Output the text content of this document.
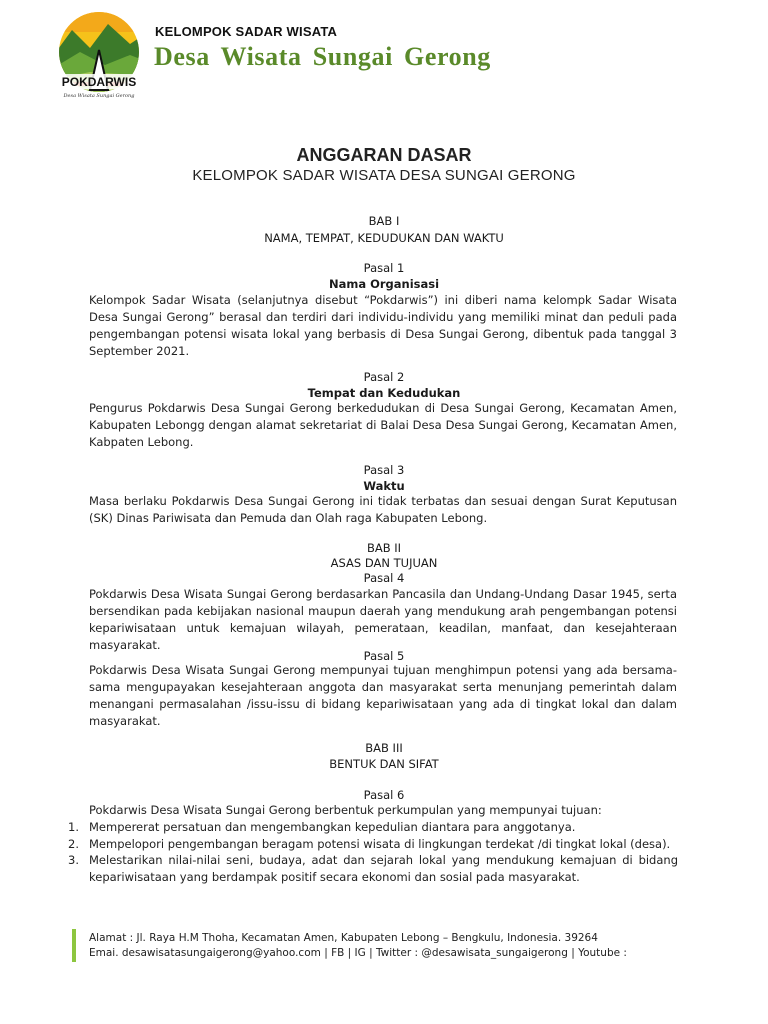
POKDARWIS
Desa Wisata Sungai Gerong
KELOMPOK SADAR WISATA
Desa Wisata Sungai Gerong
ANGGARAN DASAR
KELOMPOK SADAR WISATA DESA SUNGAI GERONG
BAB I
NAMA, TEMPAT, KEDUDUKAN DAN WAKTU
Pasal 1
Nama Organisasi
Kelompok Sadar Wisata (selanjutnya disebut “Pokdarwis”) ini diberi nama kelompk Sadar Wisata Desa Sungai Gerong” berasal dan terdiri dari individu-individu yang memiliki minat dan peduli pada pengembangan potensi wisata lokal yang berbasis di Desa Sungai Gerong, dibentuk pada tanggal 3 September 2021.
Pasal 2
Tempat dan Kedudukan
Pengurus Pokdarwis Desa Sungai Gerong berkedudukan di Desa Sungai Gerong, Kecamatan Amen, Kabupaten Lebongg dengan alamat sekretariat di Balai Desa Desa Sungai Gerong, Kecamatan Amen, Kabpaten Lebong.
Pasal 3
Waktu
Masa berlaku Pokdarwis Desa Sungai Gerong ini tidak terbatas dan sesuai dengan Surat Keputusan (SK) Dinas Pariwisata dan Pemuda dan Olah raga Kabupaten Lebong.
BAB II
ASAS DAN TUJUAN
Pasal 4
Pokdarwis Desa Wisata Sungai Gerong berdasarkan Pancasila dan Undang-Undang Dasar 1945, serta bersendikan pada kebijakan nasional maupun daerah yang mendukung arah pengembangan potensi kepariwisataan untuk kemajuan wilayah, pemerataan, keadilan, manfaat, dan kesejahteraan masyarakat.
Pasal 5
Pokdarwis Desa Wisata Sungai Gerong mempunyai tujuan menghimpun potensi yang ada bersama-sama mengupayakan kesejahteraan anggota dan masyarakat serta menunjang pemerintah dalam menangani permasalahan /issu-issu di bidang kepariwisataan yang ada di tingkat lokal dan dalam masyarakat.
BAB III
BENTUK DAN SIFAT
Pasal 6
Pokdarwis Desa Wisata Sungai Gerong berbentuk perkumpulan yang mempunyai tujuan:
1. Mempererat persatuan dan mengembangkan kepedulian diantara para anggotanya.
2. Mempelopori pengembangan beragam potensi wisata di lingkungan terdekat /di tingkat lokal (desa).
3. Melestarikan nilai-nilai seni, budaya, adat dan sejarah lokal yang mendukung kemajuan di bidang kepariwisataan yang berdampak positif secara ekonomi dan sosial pada masyarakat.
Alamat : Jl. Raya H.M Thoha, Kecamatan Amen, Kabupaten Lebong – Bengkulu, Indonesia. 39264
Emai. desawisatasungaigerong@yahoo.com | FB | IG | Twitter : @desawisata_sungaigerong | Youtube :
